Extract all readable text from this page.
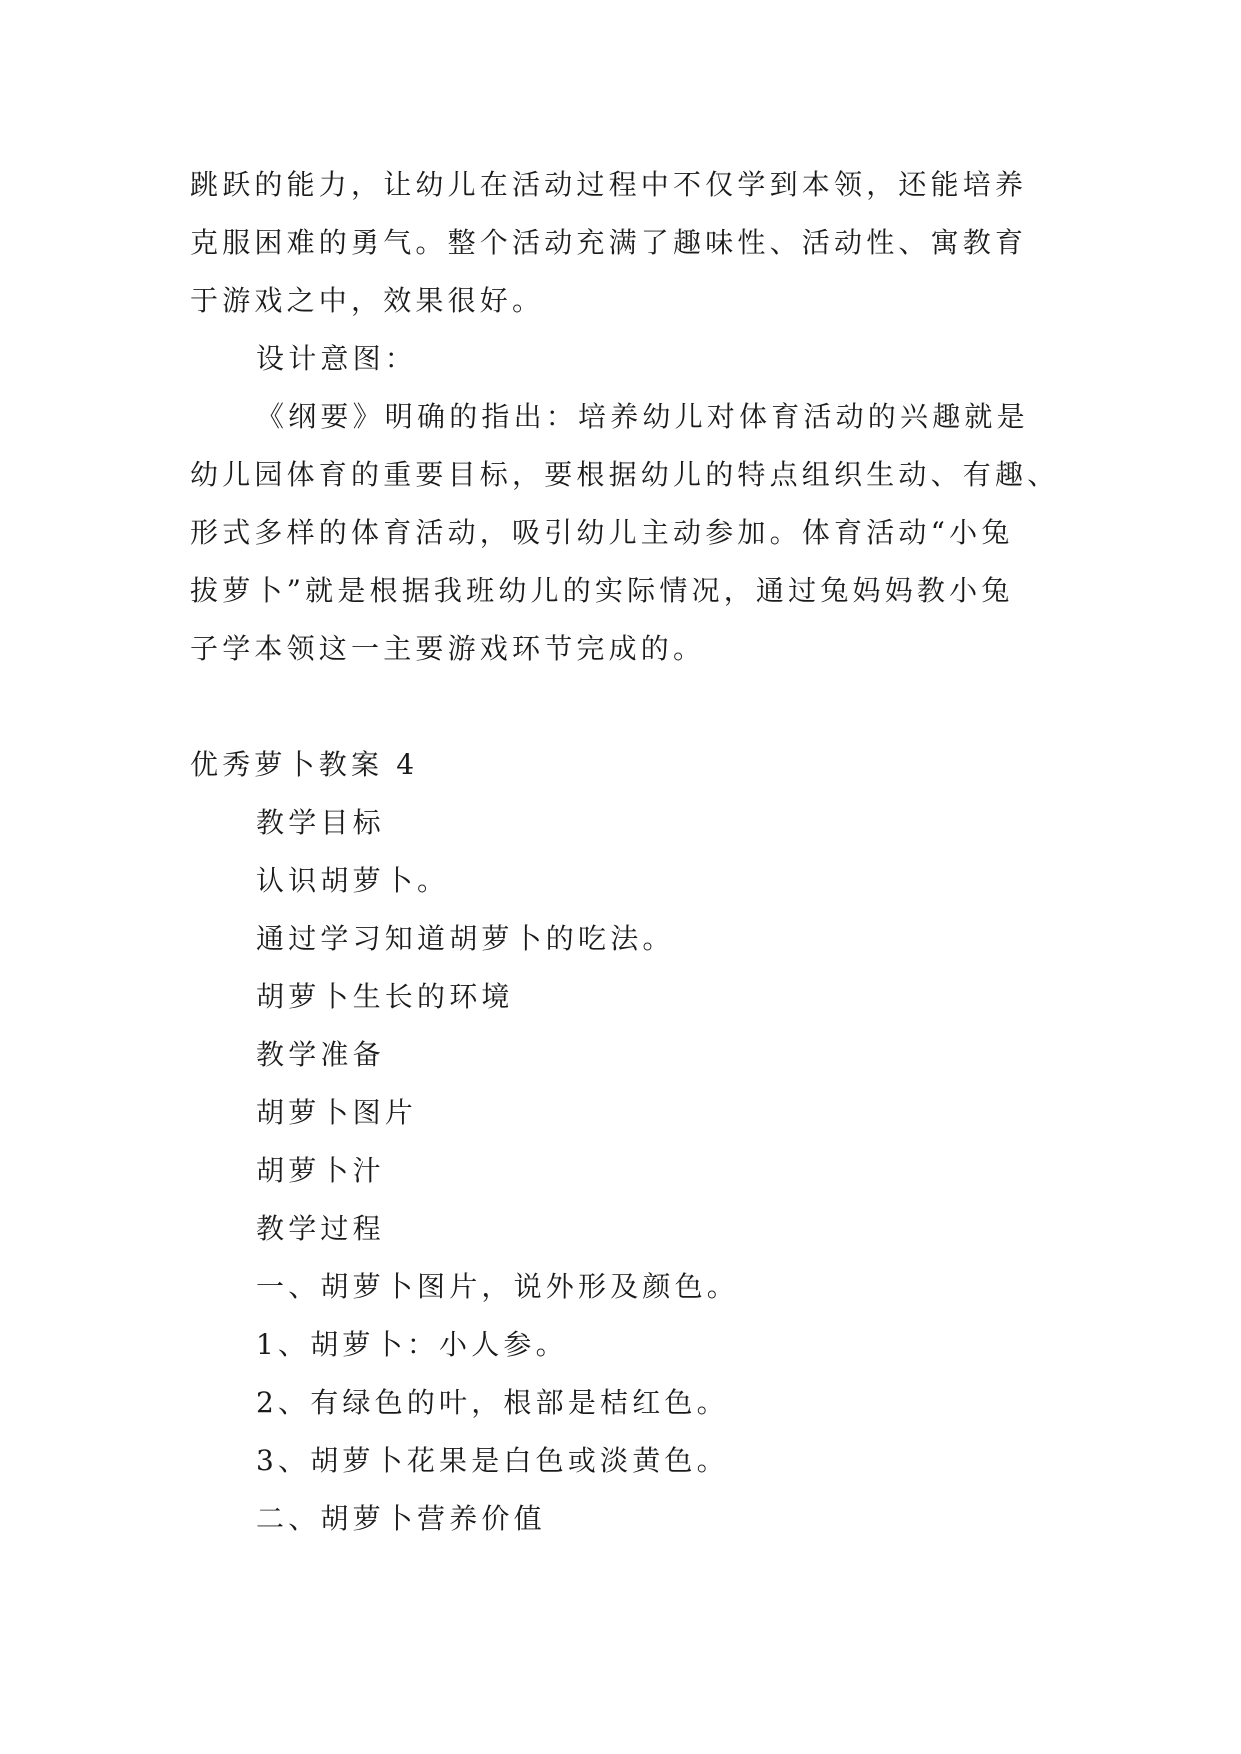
跳跃的能力，让幼儿在活动过程中不仅学到本领，还能培养
克服困难的勇气。整个活动充满了趣味性、活动性、寓教育
于游戏之中，效果很好。
设计意图：
《纲要》明确的指出：培养幼儿对体育活动的兴趣就是
幼儿园体育的重要目标，要根据幼儿的特点组织生动、有趣、
形式多样的体育活动，吸引幼儿主动参加。体育活动“小兔
拔萝卜”就是根据我班幼儿的实际情况，通过兔妈妈教小兔
子学本领这一主要游戏环节完成的。
优秀萝卜教案 4
教学目标
认识胡萝卜。
通过学习知道胡萝卜的吃法。
胡萝卜生长的环境
教学准备
胡萝卜图片
胡萝卜汁
教学过程
一、胡萝卜图片，说外形及颜色。
1、胡萝卜：小人参。
2、有绿色的叶，根部是桔红色。
3、胡萝卜花果是白色或淡黄色。
二、胡萝卜营养价值
